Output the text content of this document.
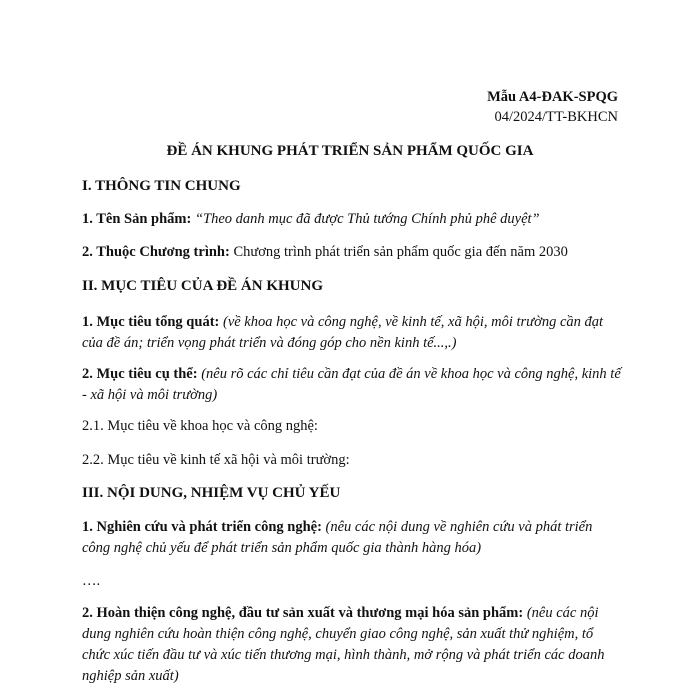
Mẫu A4-ĐAK-SPQG
04/2024/TT-BKHCN
ĐỀ ÁN KHUNG PHÁT TRIỂN SẢN PHẨM QUỐC GIA
I. THÔNG TIN CHUNG
1. Tên Sản phẩm: “Theo danh mục đã được Thủ tướng Chính phủ phê duyệt”
2. Thuộc Chương trình: Chương trình phát triển sản phẩm quốc gia đến năm 2030
II. MỤC TIÊU CỦA ĐỀ ÁN KHUNG
1. Mục tiêu tổng quát: (về khoa học và công nghệ, về kinh tế, xã hội, môi trường cần đạt của đề án; triển vọng phát triển và đóng góp cho nền kinh tế...,.)
2. Mục tiêu cụ thể: (nêu rõ các chỉ tiêu cần đạt của đề án về khoa học và công nghệ, kinh tế - xã hội và môi trường)
2.1. Mục tiêu về khoa học và công nghệ:
2.2. Mục tiêu về kinh tế xã hội và môi trường:
III. NỘI DUNG, NHIỆM VỤ CHỦ YẾU
1. Nghiên cứu và phát triển công nghệ: (nêu các nội dung về nghiên cứu và phát triển công nghệ chủ yếu để phát triển sản phẩm quốc gia thành hàng hóa)
….
2. Hoàn thiện công nghệ, đầu tư sản xuất và thương mại hóa sản phẩm: (nêu các nội dung nghiên cứu hoàn thiện công nghệ, chuyển giao công nghệ, sản xuất thử nghiệm, tổ chức xúc tiến đầu tư và xúc tiến thương mại, hình thành, mở rộng và phát triển các doanh nghiệp sản xuất)
